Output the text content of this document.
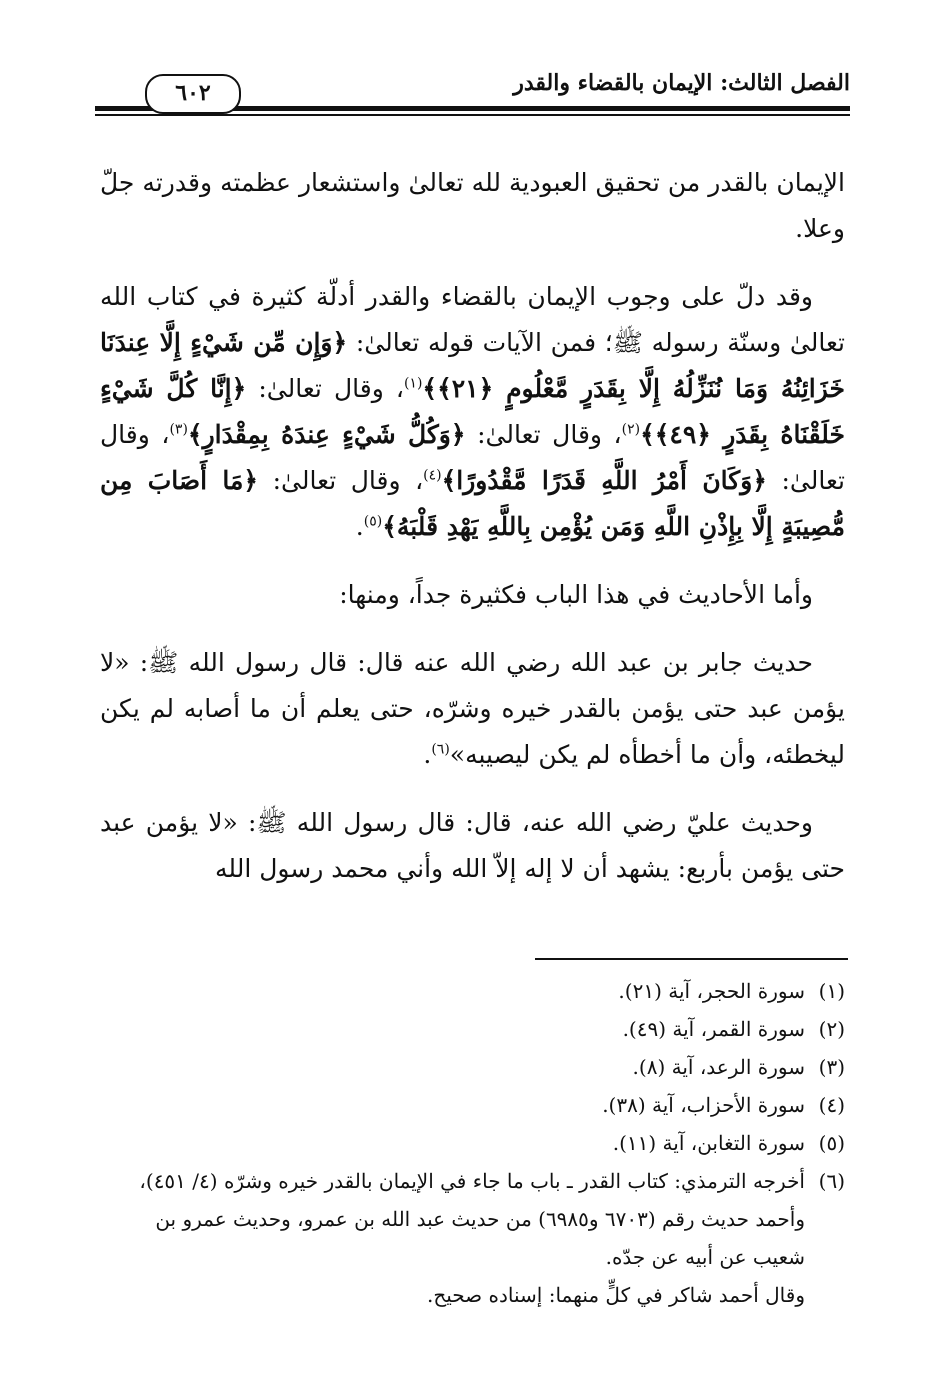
الفصل الثالث: الإيمان بالقضاء والقدر
٦٠٢

الإيمان بالقدر من تحقيق العبودية لله تعالىٰ واستشعار عظمته وقدرته جلّ وعلا.

وقد دلّ على وجوب الإيمان بالقضاء والقدر أدلّة كثيرة في كتاب الله تعالىٰ وسنّة رسوله ﷺ؛ فمن الآيات قوله تعالىٰ: ﴿وَإِن مِّن شَيْءٍ إِلَّا عِندَنَا خَزَائِنُهُ وَمَا نُنَزِّلُهُ إِلَّا بِقَدَرٍ مَّعْلُومٍ ﴿٢١﴾﴾$^{(١)}$، وقال تعالىٰ: ﴿إِنَّا كُلَّ شَيْءٍ خَلَقْنَاهُ بِقَدَرٍ ﴿٤٩﴾﴾$^{(٢)}$، وقال تعالىٰ: ﴿وَكُلُّ شَيْءٍ عِندَهُ بِمِقْدَارٍ﴾$^{(٣)}$، وقال تعالىٰ: ﴿وَكَانَ أَمْرُ اللَّهِ قَدَرًا مَّقْدُورًا﴾$^{(٤)}$، وقال تعالىٰ: ﴿مَا أَصَابَ مِن مُّصِيبَةٍ إِلَّا بِإِذْنِ اللَّهِ وَمَن يُؤْمِن بِاللَّهِ يَهْدِ قَلْبَهُ﴾$^{(٥)}$.

وأما الأحاديث في هذا الباب فكثيرة جداً، ومنها:

حديث جابر بن عبد الله رضي الله عنه قال: قال رسول الله ﷺ: «لا يؤمن عبد حتى يؤمن بالقدر خيره وشرّه، حتى يعلم أن ما أصابه لم يكن ليخطئه، وأن ما أخطأه لم يكن ليصيبه»$^{(٦)}$.

وحديث عليّ رضي الله عنه، قال: قال رسول الله ﷺ: «لا يؤمن عبد حتى يؤمن بأربع: يشهد أن لا إله إلاّ الله وأني محمد رسول الله

(١)
سورة الحجر، آية (٢١).
(٢)
سورة القمر، آية (٤٩).
(٣)
سورة الرعد، آية (٨).
(٤)
سورة الأحزاب، آية (٣٨).
(٥)
سورة التغابن، آية (١١).
(٦)
أخرجه الترمذي: كتاب القدر ـ باب ما جاء في الإيمان بالقدر خيره وشرّه (٤/ ٤٥١)، وأحمد حديث رقم (٦٧٠٣ و٦٩٨٥) من حديث عبد الله بن عمرو، وحديث عمرو بن شعيب عن أبيه عن جدّه.
وقال أحمد شاكر في كلٍّ منهما: إسناده صحيح.
